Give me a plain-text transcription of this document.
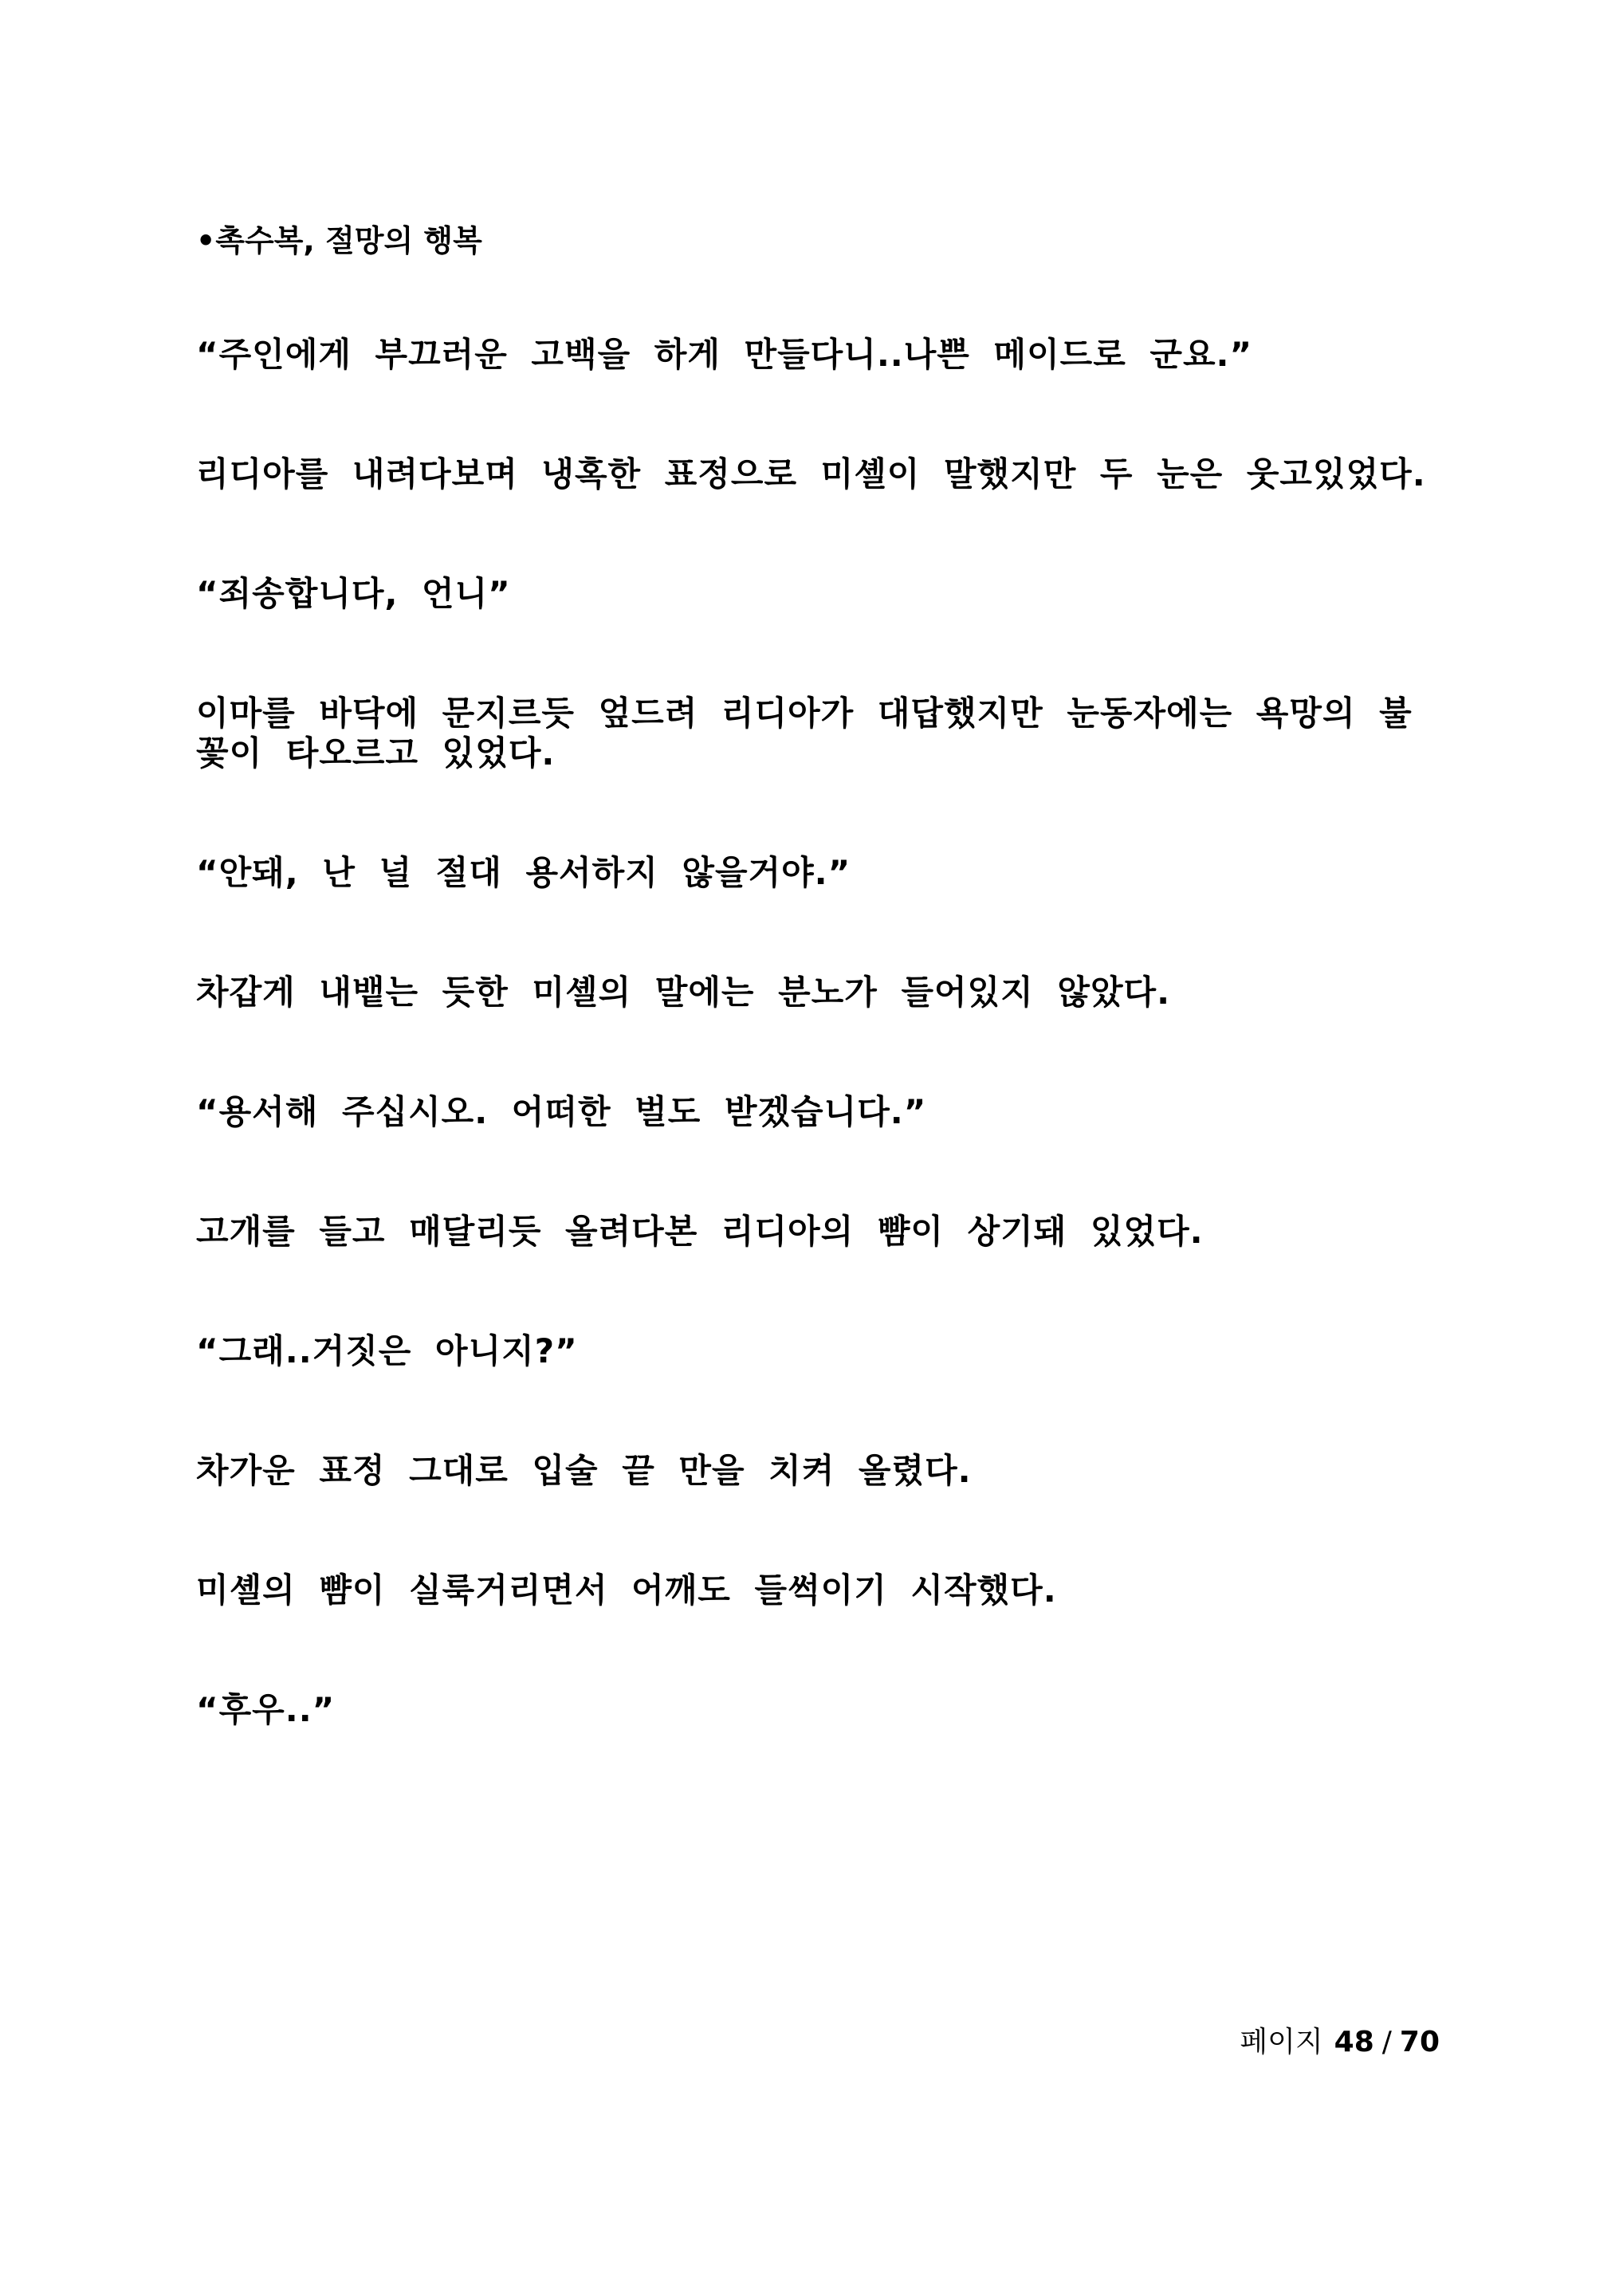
•촉수복, 절망의 행복
“주인에게 부끄러운 고백을 하게 만들다니..나쁜 메이드로 군요.”
리디아를 내려다보며 냉혹한 표정으로 미셸이 말했지만 두 눈은 웃고있었다.
“죄송합니다, 언니”
이마를 바닥에 문지르듯 엎드려 리디아가 대답했지만 눈동자에는 욕망의 불꽃이 타오르고 있었다.
“안돼, 난 널 절대 용서하지 않을거야.”
차갑게 내뱉는 듯한 미셸의 말에는 분노가 들어있지 않았다.
“용서해 주십시오. 어떠한 벌도 받겠습니다.”
고개를 들고 매달리듯 올려다본 리디아의 뺨이 상기돼 있었다.
“그래..거짓은 아니지?”
차가운 표정 그대로 입술 끝 만을 치켜 올렸다.
미셸의 뺨이 실룩거리면서 어깨도 들썩이기 시작했다.
“후우..”
페이지 48 / 70
